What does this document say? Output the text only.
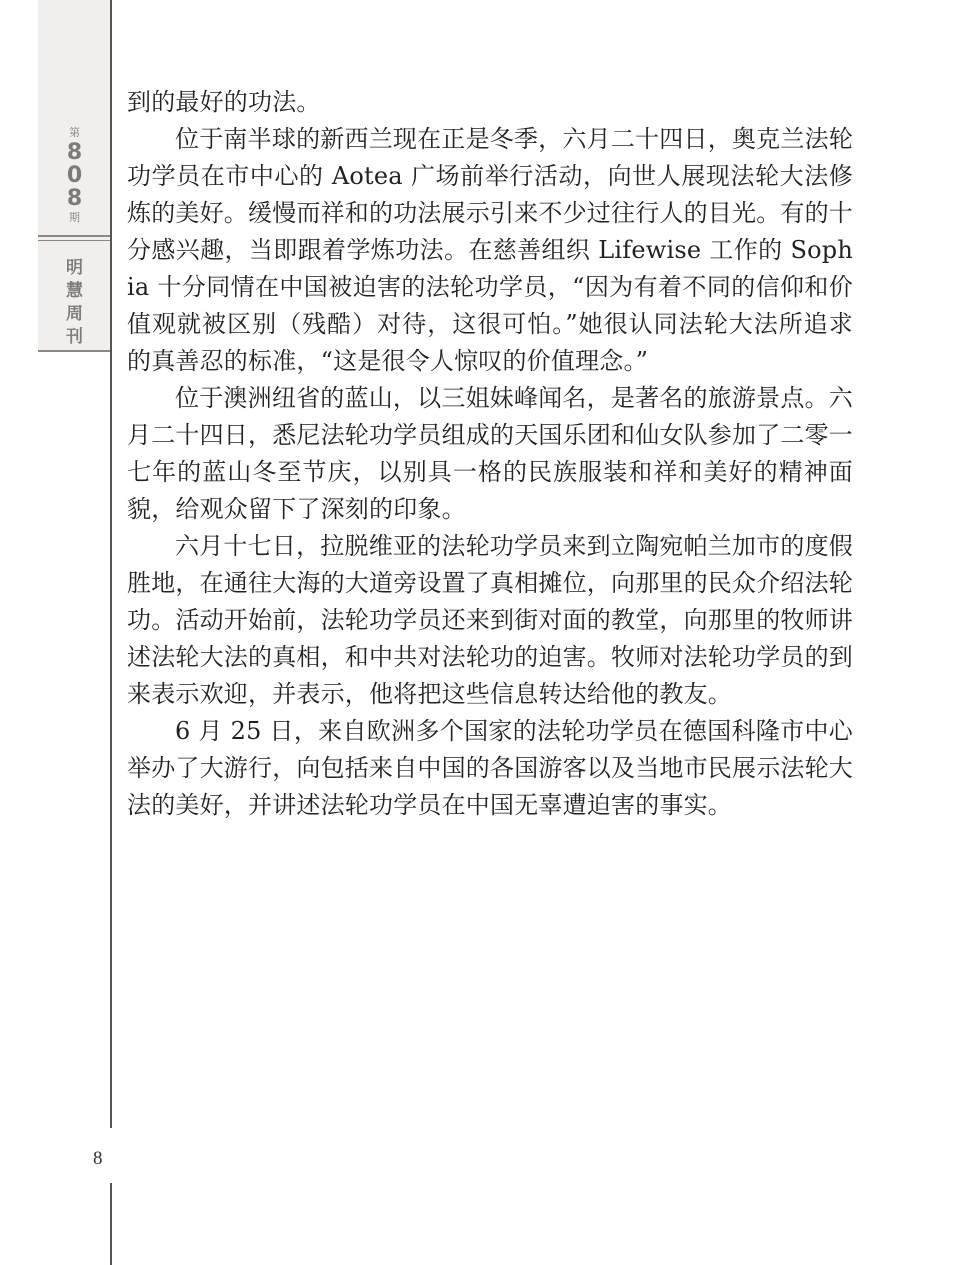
第
8
0
8
期
明
慧
周
刊
8

到的最好的功法。

位于南半球的新西兰现在正是冬季，六月二十四日，奥克兰法轮功学员在市中心的 Aotea 广场前举行活动，向世人展现法轮大法修炼的美好。缓慢而祥和的功法展示引来不少过往行人的目光。有的十分感兴趣，当即跟着学炼功法。在慈善组织 Lifewise 工作的 Sophia 十分同情在中国被迫害的法轮功学员，“因为有着不同的信仰和价值观就被区别（残酷）对待，这很可怕。”她很认同法轮大法所追求的真善忍的标准，“这是很令人惊叹的价值理念。”

位于澳洲纽省的蓝山，以三姐妹峰闻名，是著名的旅游景点。六月二十四日，悉尼法轮功学员组成的天国乐团和仙女队参加了二零一七年的蓝山冬至节庆，以别具一格的民族服装和祥和美好的精神面貌，给观众留下了深刻的印象。

六月十七日，拉脱维亚的法轮功学员来到立陶宛帕兰加市的度假胜地，在通往大海的大道旁设置了真相摊位，向那里的民众介绍法轮功。活动开始前，法轮功学员还来到街对面的教堂，向那里的牧师讲述法轮大法的真相，和中共对法轮功的迫害。牧师对法轮功学员的到来表示欢迎，并表示，他将把这些信息转达给他的教友。

6 月 25 日，来自欧洲多个国家的法轮功学员在德国科隆市中心举办了大游行，向包括来自中国的各国游客以及当地市民展示法轮大法的美好，并讲述法轮功学员在中国无辜遭迫害的事实。
